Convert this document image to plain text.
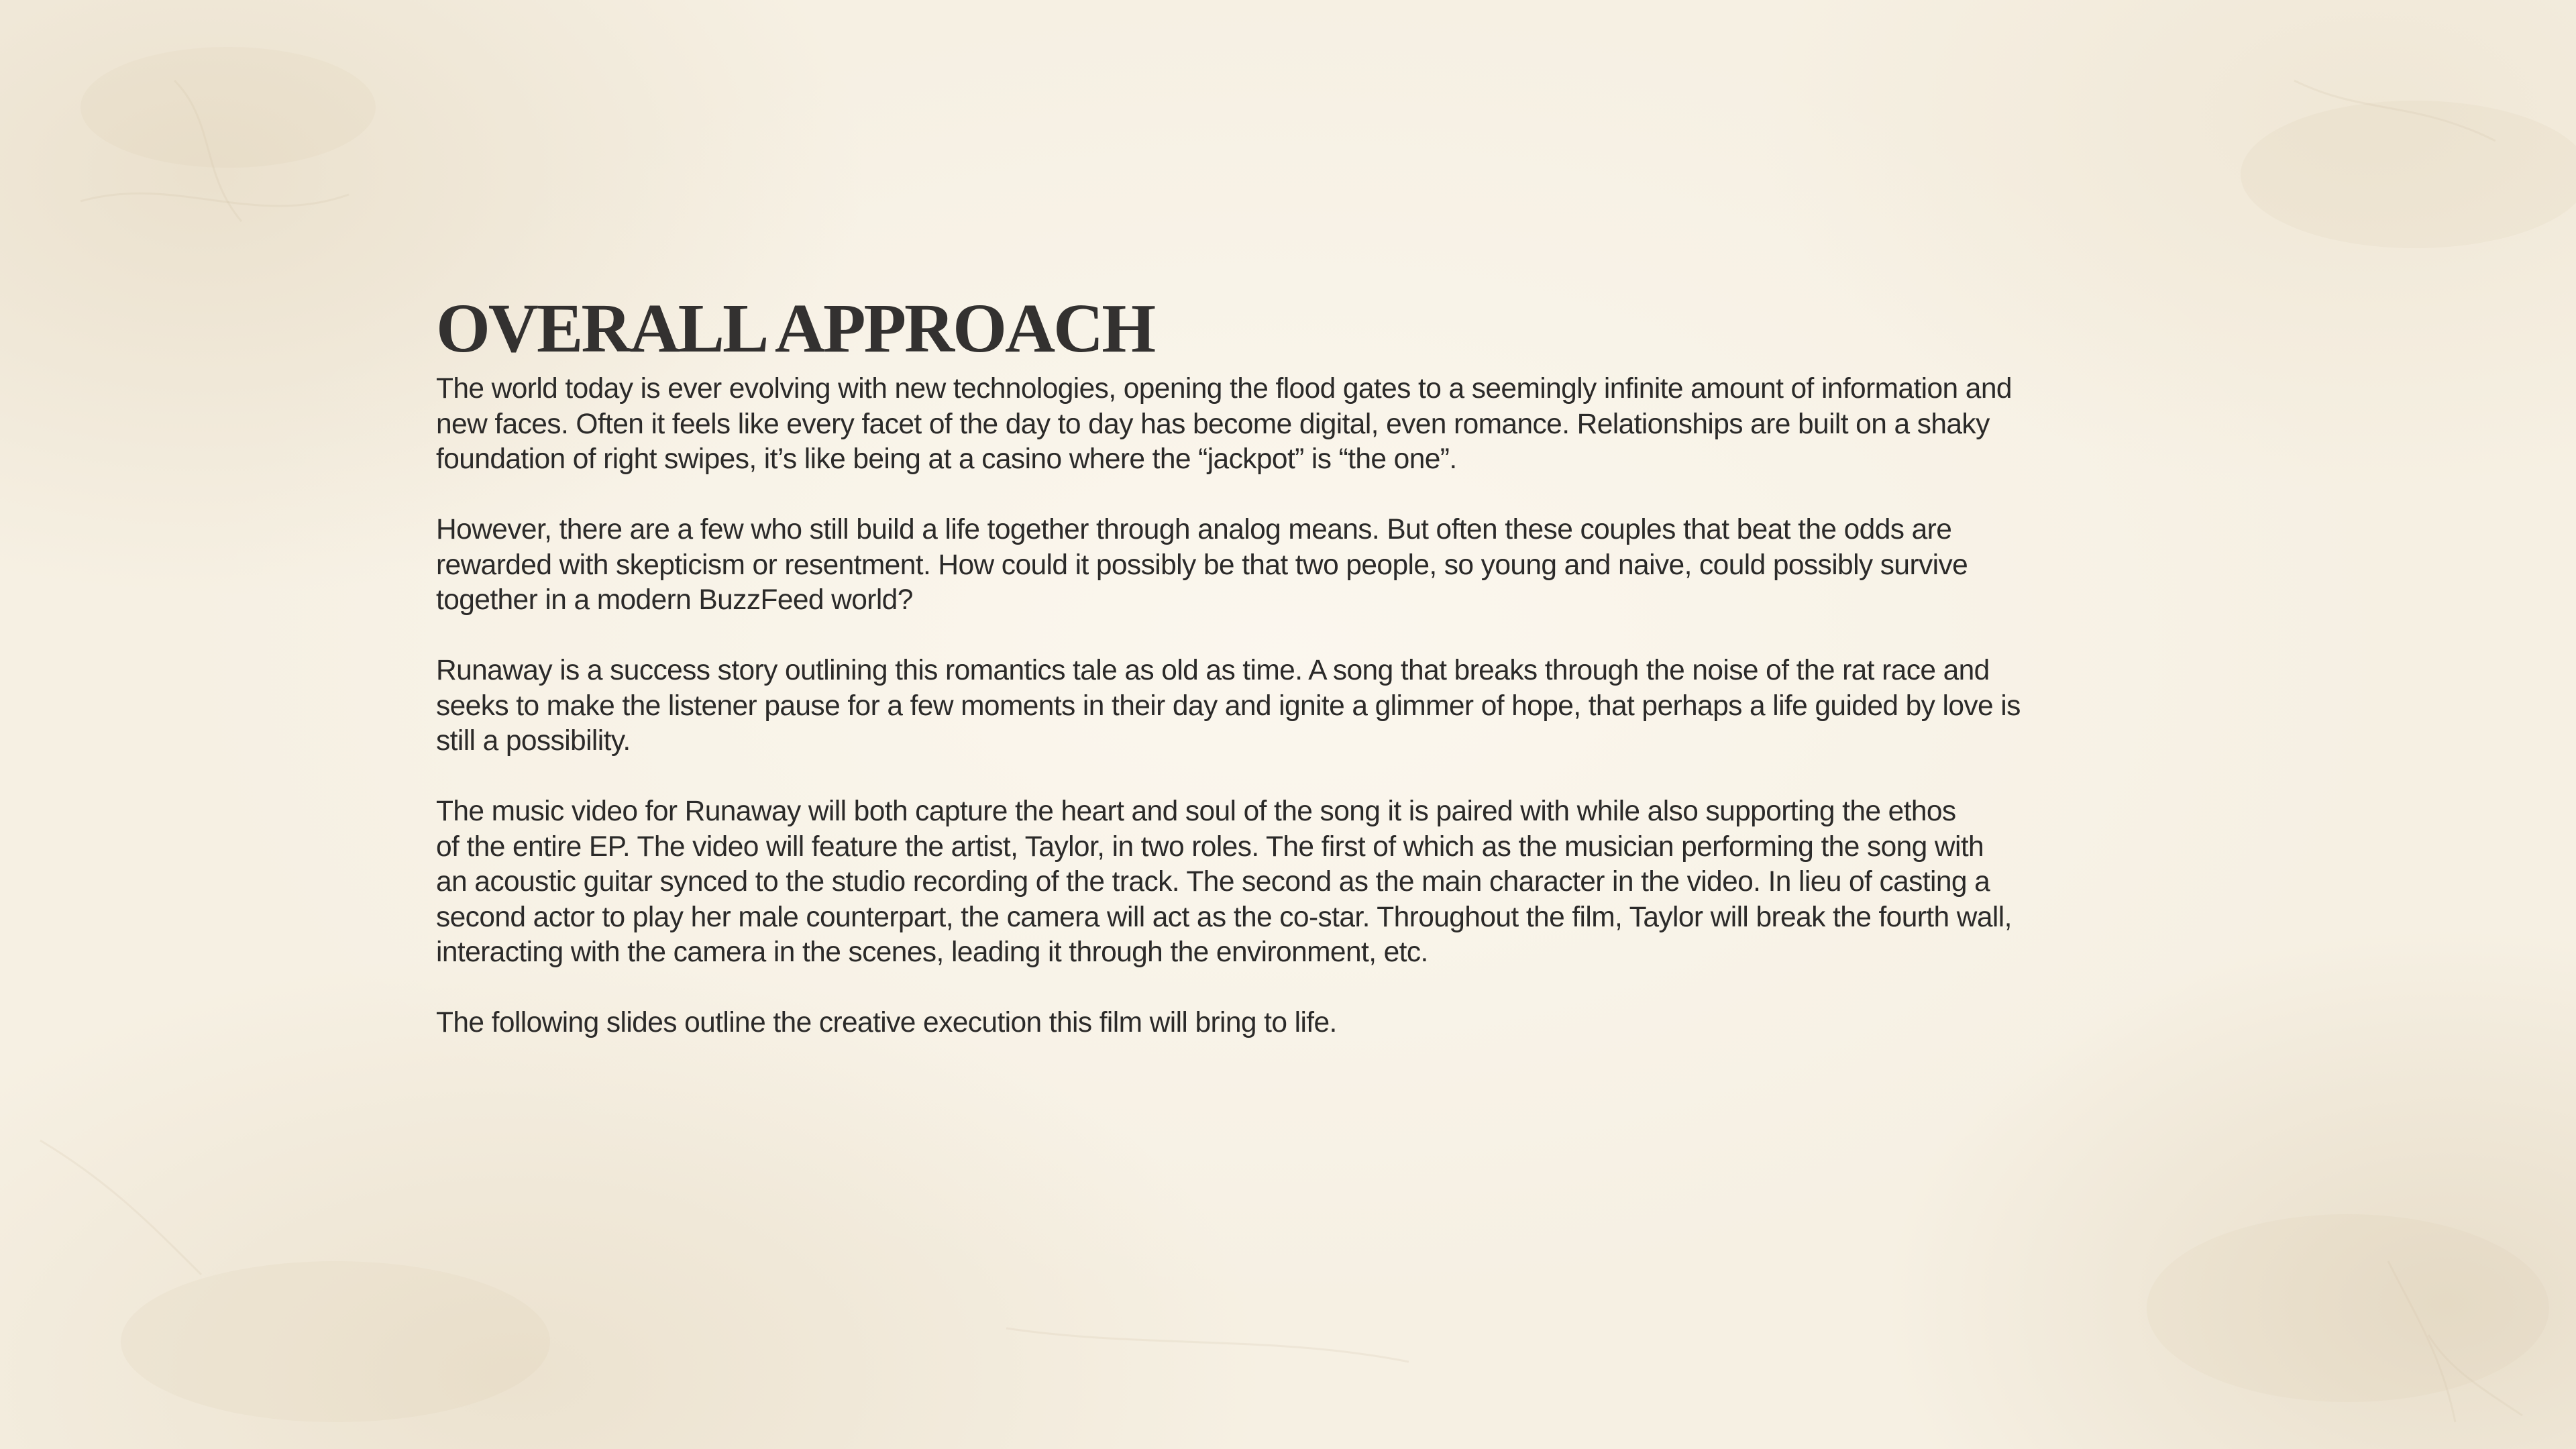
OVERALL APPROACH

The world today is ever evolving with new technologies, opening the flood gates to a seemingly infinite amount of information and
new faces. Often it feels like every facet of the day to day has become digital, even romance. Relationships are built on a shaky
foundation of right swipes, it’s like being at a casino where the “jackpot” is “the one”.

However, there are a few who still build a life together through analog means. But often these couples that beat the odds are
rewarded with skepticism or resentment. How could it possibly be that two people, so young and naive, could possibly survive
together in a modern BuzzFeed world?

Runaway is a success story outlining this romantics tale as old as time. A song that breaks through the noise of the rat race and
seeks to make the listener pause for a few moments in their day and ignite a glimmer of hope, that perhaps a life guided by love is
still a possibility.

The music video for Runaway will both capture the heart and soul of the song it is paired with while also supporting the ethos
of the entire EP. The video will feature the artist, Taylor, in two roles. The first of which as the musician performing the song with
an acoustic guitar synced to the studio recording of the track. The second as the main character in the video. In lieu of casting a
second actor to play her male counterpart, the camera will act as the co-star. Throughout the film, Taylor will break the fourth wall,
interacting with the camera in the scenes, leading it through the environment, etc.

The following slides outline the creative execution this film will bring to life.
